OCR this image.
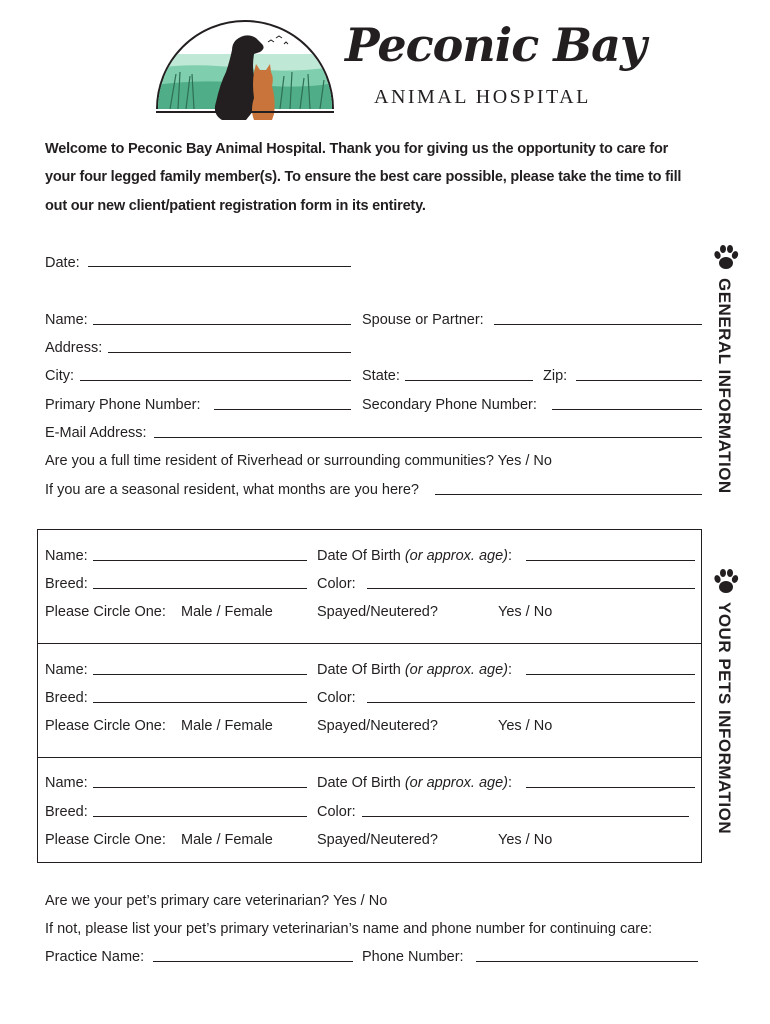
Peconic Bay
ANIMAL HOSPITAL
Welcome to Peconic Bay Animal Hospital. Thank you for giving us the opportunity to care for
your four legged family member(s). To ensure the best care possible, please take the time to fill
out our new client/patient registration form in its entirety.
Date:
Name:	Spouse or Partner:
Address:
City:	State:	Zip:
Primary Phone Number:	Secondary Phone Number:
E-Mail Address:
Are you a full time resident of Riverhead or surrounding communities? Yes / No
If you are a seasonal resident, what months are you here?	GENERAL INFORMATION
Name:	Date Of Birth (or approx. age):
Breed:	Color:
Please Circle One: Male / Female	Spayed/Neutered?	Yes / No
Name:	Date Of Birth (or approx. age):
Breed:	Color:
Please Circle One: Male / Female	Spayed/Neutered?	Yes / No
Name:	Date Of Birth (or approx. age):
Breed:	Color:
Please Circle One: Male / Female	Spayed/Neutered?	Yes / No
YOUR PETS INFORMATION
Are we your pet’s primary care veterinarian? Yes / No
If not, please list your pet’s primary veterinarian’s name and phone number for continuing care:
Practice Name:	Phone Number:
